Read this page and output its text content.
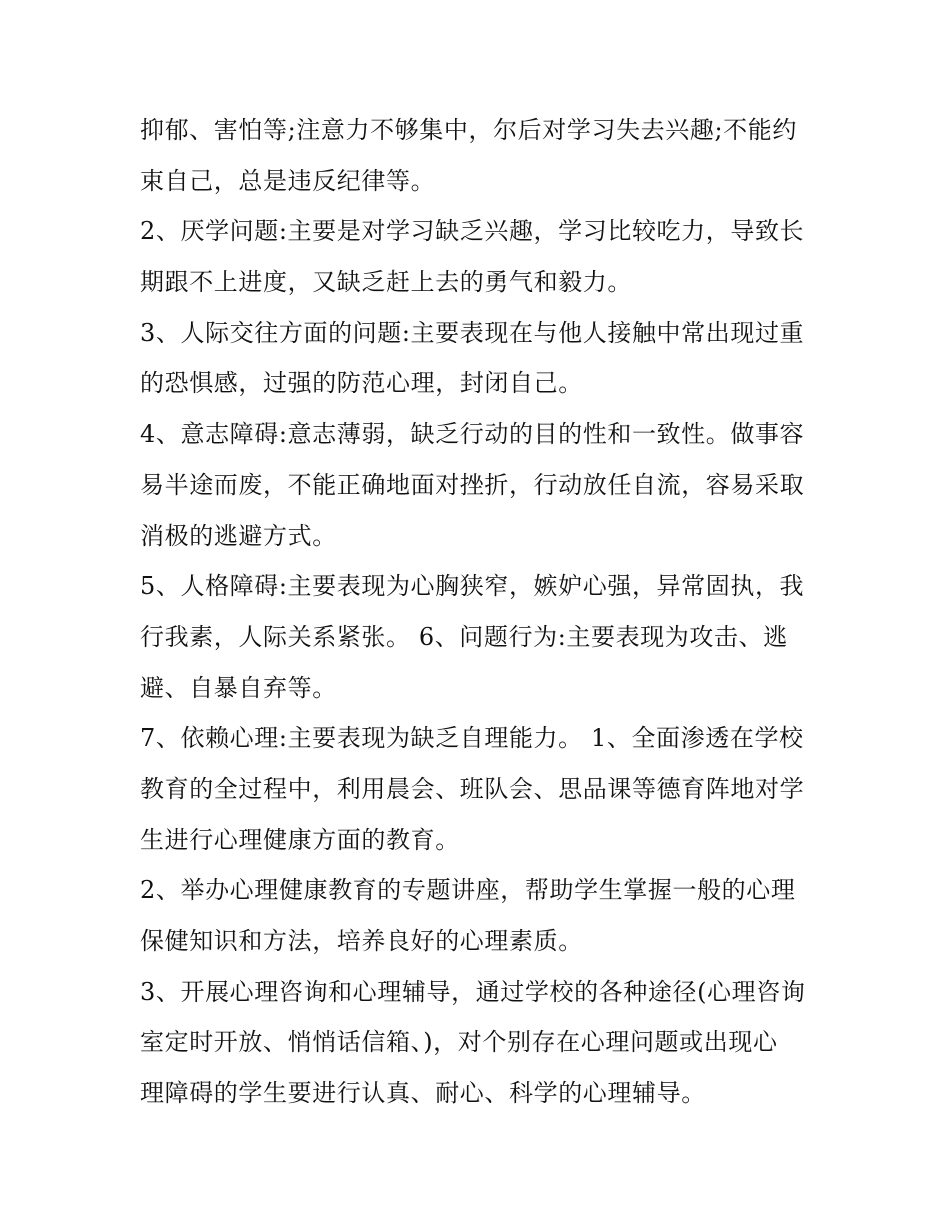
抑郁、害怕等;注意力不够集中，尔后对学习失去兴趣;不能约
束自己，总是违反纪律等。
2、厌学问题:主要是对学习缺乏兴趣，学习比较吃力，导致长
期跟不上进度，又缺乏赶上去的勇气和毅力。
3、人际交往方面的问题:主要表现在与他人接触中常出现过重
的恐惧感，过强的防范心理，封闭自己。
4、意志障碍:意志薄弱，缺乏行动的目的性和一致性。做事容
易半途而废，不能正确地面对挫折，行动放任自流，容易采取
消极的逃避方式。
5、人格障碍:主要表现为心胸狭窄，嫉妒心强，异常固执，我
行我素，人际关系紧张。 6、问题行为:主要表现为攻击、逃
避、自暴自弃等。
7、依赖心理:主要表现为缺乏自理能力。 1、全面渗透在学校
教育的全过程中，利用晨会、班队会、思品课等德育阵地对学
生进行心理健康方面的教育。
2、举办心理健康教育的专题讲座，帮助学生掌握一般的心理
保健知识和方法，培养良好的心理素质。
3、开展心理咨询和心理辅导，通过学校的各种途径(心理咨询
室定时开放、悄悄话信箱、)，对个别存在心理问题或出现心
理障碍的学生要进行认真、耐心、科学的心理辅导。
